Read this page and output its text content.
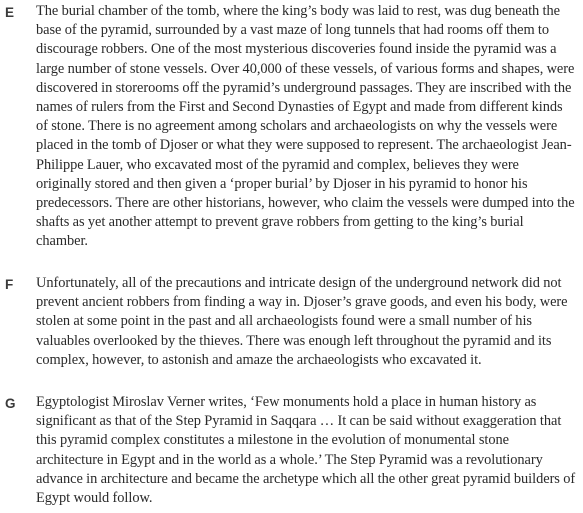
E	The burial chamber of the tomb, where the king’s body was laid to rest, was dug beneath the base of the pyramid, surrounded by a vast maze of long tunnels that had rooms off them to discourage robbers. One of the most mysterious discoveries found inside the pyramid was a large number of stone vessels. Over 40,000 of these vessels, of various forms and shapes, were discovered in storerooms off the pyramid’s underground passages. They are inscribed with the names of rulers from the First and Second Dynasties of Egypt and made from different kinds of stone. There is no agreement among scholars and archaeologists on why the vessels were placed in the tomb of Djoser or what they were supposed to represent. The archaeologist Jean-Philippe Lauer, who excavated most of the pyramid and complex, believes they were originally stored and then given a ‘proper burial’ by Djoser in his pyramid to honor his predecessors. There are other historians, however, who claim the vessels were dumped into the shafts as yet another attempt to prevent grave robbers from getting to the king’s burial chamber.

F	Unfortunately, all of the precautions and intricate design of the underground network did not prevent ancient robbers from finding a way in. Djoser’s grave goods, and even his body, were stolen at some point in the past and all archaeologists found were a small number of his valuables overlooked by the thieves. There was enough left throughout the pyramid and its complex, however, to astonish and amaze the archaeologists who excavated it.

G	Egyptologist Miroslav Verner writes, ‘Few monuments hold a place in human history as significant as that of the Step Pyramid in Saqqara … It can be said without exaggeration that this pyramid complex constitutes a milestone in the evolution of monumental stone architecture in Egypt and in the world as a whole.’ The Step Pyramid was a revolutionary advance in architecture and became the archetype which all the other great pyramid builders of Egypt would follow.
